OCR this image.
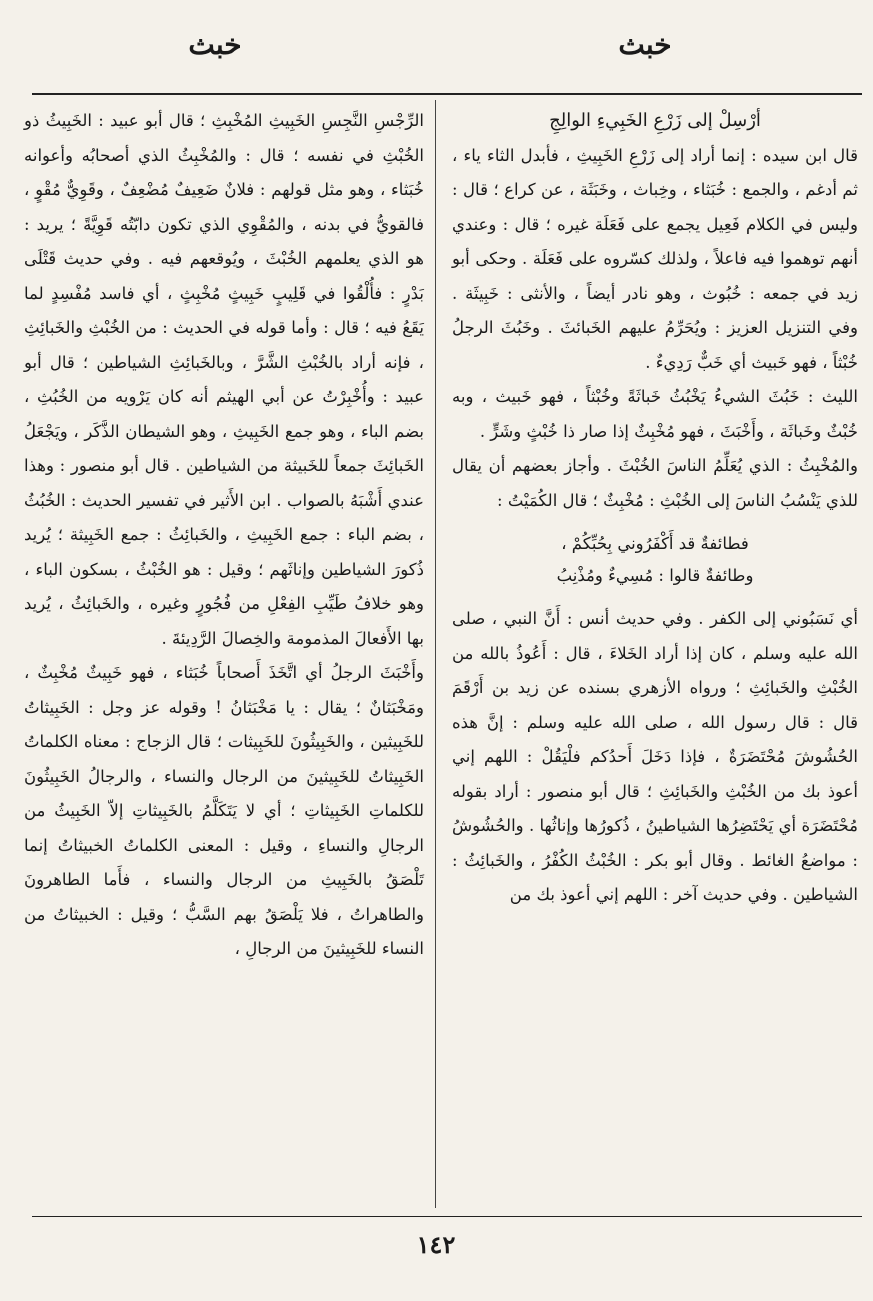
خبث
خبث

أرْسِلْ إلى زَرْعِ الخَبِيءِ الوالِجِ

قال ابن سيده : إنما أراد إلى زَرْعِ الخَبِيثِ ، فأبدل الثاء ياء ، ثم أدغم ، والجمع : خُبَثاء ، وخِباث ، وخَبَثَة ، عن كراع ؛ قال : وليس في الكلام فَعِيل يجمع على فَعَلَة غيره ؛ قال : وعندي أنهم توهموا فيه فاعلاً ، ولذلك كسّروه على فَعَلَة . وحكى أبو زيد في جمعه : خُبُوث ، وهو نادر أيضاً ، والأنثى : خَبِيثَة . وفي التنزيل العزيز : ويُحَرِّمُ عليهم الخَبائثَ . وخَبُثَ الرجلُ خُبْثاً ، فهو خَبيث أي خَبٌّ رَدِيءٌ .

الليث : خَبُثَ الشيءُ يَخْبُثُ خَباثَةً وخُبْثاً ، فهو خَبيث ، وبه خُبْثٌ وخَباثَة ، وأَخْبَثَ ، فهو مُخْبِثٌ إذا صار ذا خُبْثٍ وشَرٍّ .

والمُخْبِثُ : الذي يُعَلِّمُ الناسَ الخُبْثَ . وأجاز بعضهم أن يقال للذي يَنْسُبُ الناسَ إلى الخُبْثِ : مُخْبِثٌ ؛ قال الكُمَيْتُ :

فطائفةٌ قد أَكْفَرُوني بِحُبِّكُمْ ،
وطائفةٌ قالوا : مُسِيءٌ ومُذْنِبُ

أي نَسَبُوني إلى الكفر . وفي حديث أنس : أَنَّ النبي ، صلى الله عليه وسلم ، كان إذا أراد الخَلاءَ ، قال : أَعُوذُ بالله من الخُبْثِ والخَبائِثِ ؛ ورواه الأزهري بسنده عن زيد بن أَرْقَمَ قال : قال رسول الله ، صلى الله عليه وسلم : إنَّ هذه الحُشُوشَ مُحْتَضَرَةٌ ، فإذا دَخَلَ أَحدُكم فلْيَقُلْ : اللهم إني أعوذ بك من الخُبْثِ والخَبائِثِ ؛ قال أبو منصور : أراد بقوله مُحْتَضَرَة أي يَحْتَضِرُها الشياطينُ ، ذُكورُها وإناثُها . والحُشُوشُ : مواضعُ الغائط . وقال أبو بكر : الخُبْثُ الكُفْرُ ، والخَبائِثُ : الشياطين . وفي حديث آخر : اللهم إني أعوذ بك من

الرِّجْسِ النَّجِسِ الخَبِيثِ المُخْبِثِ ؛ قال أبو عبيد : الخَبِيثُ ذو الخُبْثِ في نفسه ؛ قال : والمُخْبِثُ الذي أصحابُه وأعوانه خُبَثاء ، وهو مثل قولهم : فلانٌ ضَعِيفٌ مُضْعِفٌ ، وقَوِيٌّ مُقْوٍ ، فالقويُّ في بدنه ، والمُقْوِي الذي تكون دابّتُه قَوِيَّةً ؛ يريد : هو الذي يعلمهم الخُبْثَ ، ويُوقعهم فيه . وفي حديث قَتْلَى بَدْرٍ : فأُلْقُوا في قَلِيبٍ خَبِيثٍ مُخْبِثٍ ، أي فاسد مُفْسِدٍ لما يَقَعُ فيه ؛ قال : وأما قوله في الحديث : من الخُبْثِ والخَبائِثِ ، فإنه أراد بالخُبْثِ الشَّرَّ ، وبالخَبائِثِ الشياطين ؛ قال أبو عبيد : وأُخْبِرْتُ عن أبي الهيثم أنه كان يَرْويه من الخُبُثِ ، بضم الباء ، وهو جمع الخَبِيثِ ، وهو الشيطان الذَّكَر ، ويَجْعَلُ الخَبائِثَ جمعاً للخَبيثة من الشياطين . قال أبو منصور : وهذا عندي أَشْبَهُ بالصواب . ابن الأَثير في تفسير الحديث : الخُبُثُ ، بضم الباء : جمع الخَبِيثِ ، والخَبائِثُ : جمع الخَبِيثة ؛ يُريد ذُكورَ الشياطين وإناثَهم ؛ وقيل : هو الخُبْثُ ، بسكون الباء ، وهو خلافُ طَيِّبِ الفِعْلِ من فُجُورٍ وغيره ، والخَبائِثُ ، يُريد بها الأَفعالَ المذمومة والخِصالَ الرَّدِيئةَ .

وأَخْبَثَ الرجلُ أي اتَّخَذَ أَصحاباً خُبَثاء ، فهو خَبِيثٌ مُخْبِثٌ ، ومَخْبَثانٌ ؛ يقال : يا مَخْبَثانُ ! وقوله عز وجل : الخَبِيثاتُ للخَبِيثين ، والخَبِيثُونَ للخَبِيثات ؛ قال الزجاج : معناه الكلماتُ الخَبِيثاتُ للخَبِيثينَ من الرجال والنساء ، والرجالُ الخَبِيثُونَ للكلماتِ الخَبِيثاتِ ؛ أي لا يَتَكَلَّمُ بالخَبِيثاتِ إلاّ الخَبِيثُ من الرجالِ والنساءِ ، وقيل : المعنى الكلماتُ الخبيثاتُ إنما تَلْصَقُ بالخَبِيثِ من الرجال والنساء ، فأَما الطاهرونَ والطاهراتُ ، فلا يَلْصَقُ بهم السَّبُّ ؛ وقيل : الخبيثاتُ من النساء للخَبِيثينَ من الرجالِ ،

١٤٢
